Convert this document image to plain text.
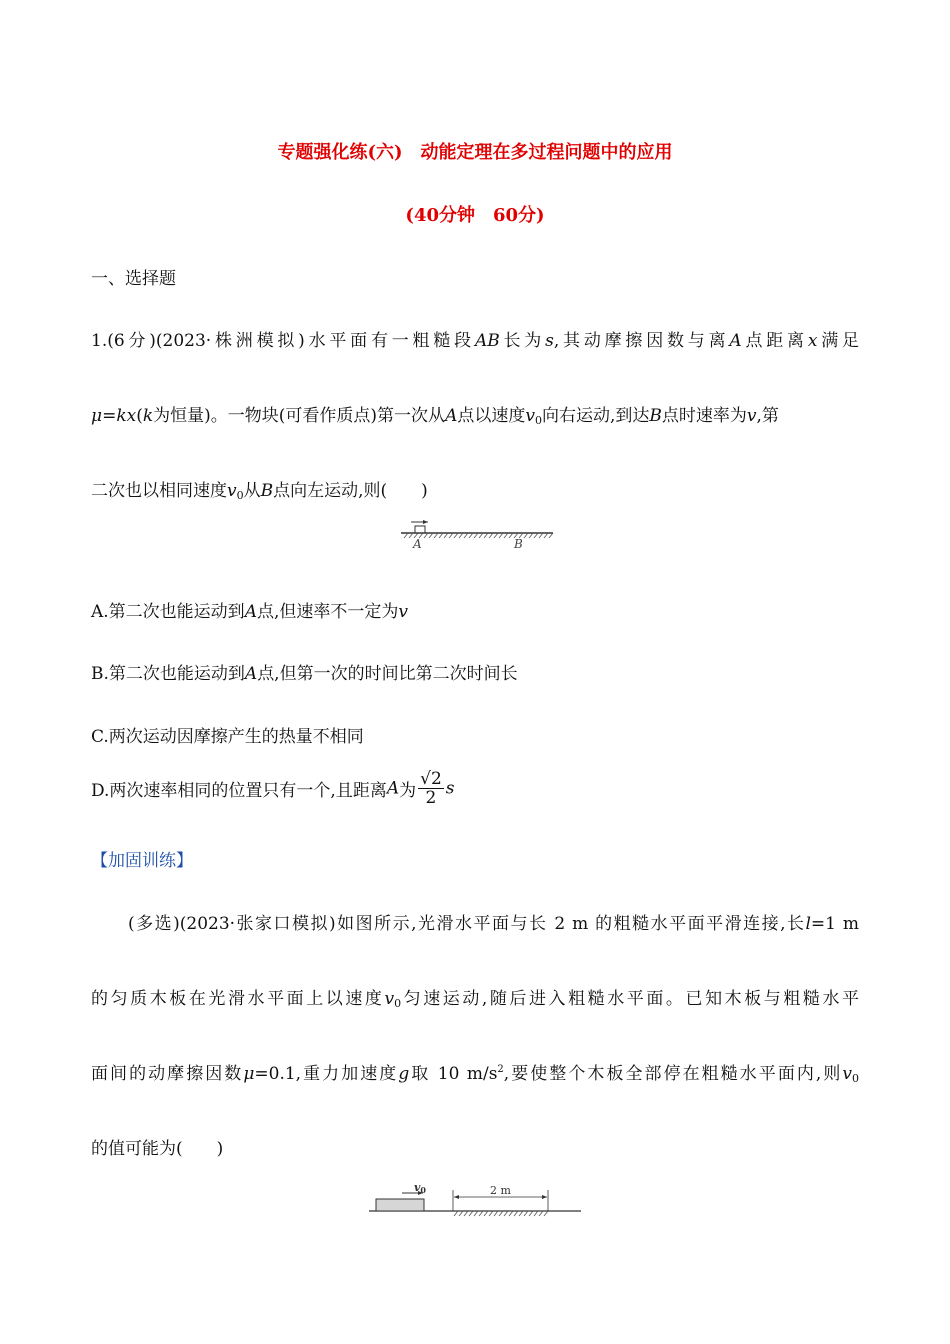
专题强化练(六)　动能定理在多过程问题中的应用
(40分钟　60分)
一、选择题
1.(6分)(2023·株洲模拟)水平面有一粗糙段AB长为s,其动摩擦因数与离A点距离x满足
μ=kx(k为恒量)。一物块(可看作质点)第一次从A点以速度$v_0$向右运动,到达B点时速率为v,第
二次也以相同速度$v_0$从B点向左运动,则(　　)
A	B
A.第二次也能运动到A点,但速率不一定为v
B.第二次也能运动到A点,但第一次的时间比第二次时间长
C.两次运动因摩擦产生的热量不相同
D.两次速率相同的位置只有一个,且距离A为 $\frac{√2}{2}$ s
【加固训练】
(多选)(2023·张家口模拟)如图所示,光滑水平面与长 2 m 的粗糙水平面平滑连接,长l=1 m
的匀质木板在光滑水平面上以速度$v_0$匀速运动,随后进入粗糙水平面。已知木板与粗糙水平
面间的动摩擦因数μ=0.1,重力加速度g取 10 $m/s^2$,要使整个木板全部停在粗糙水平面内,则$v_0$
的值可能为(　　)
v0	2 m
